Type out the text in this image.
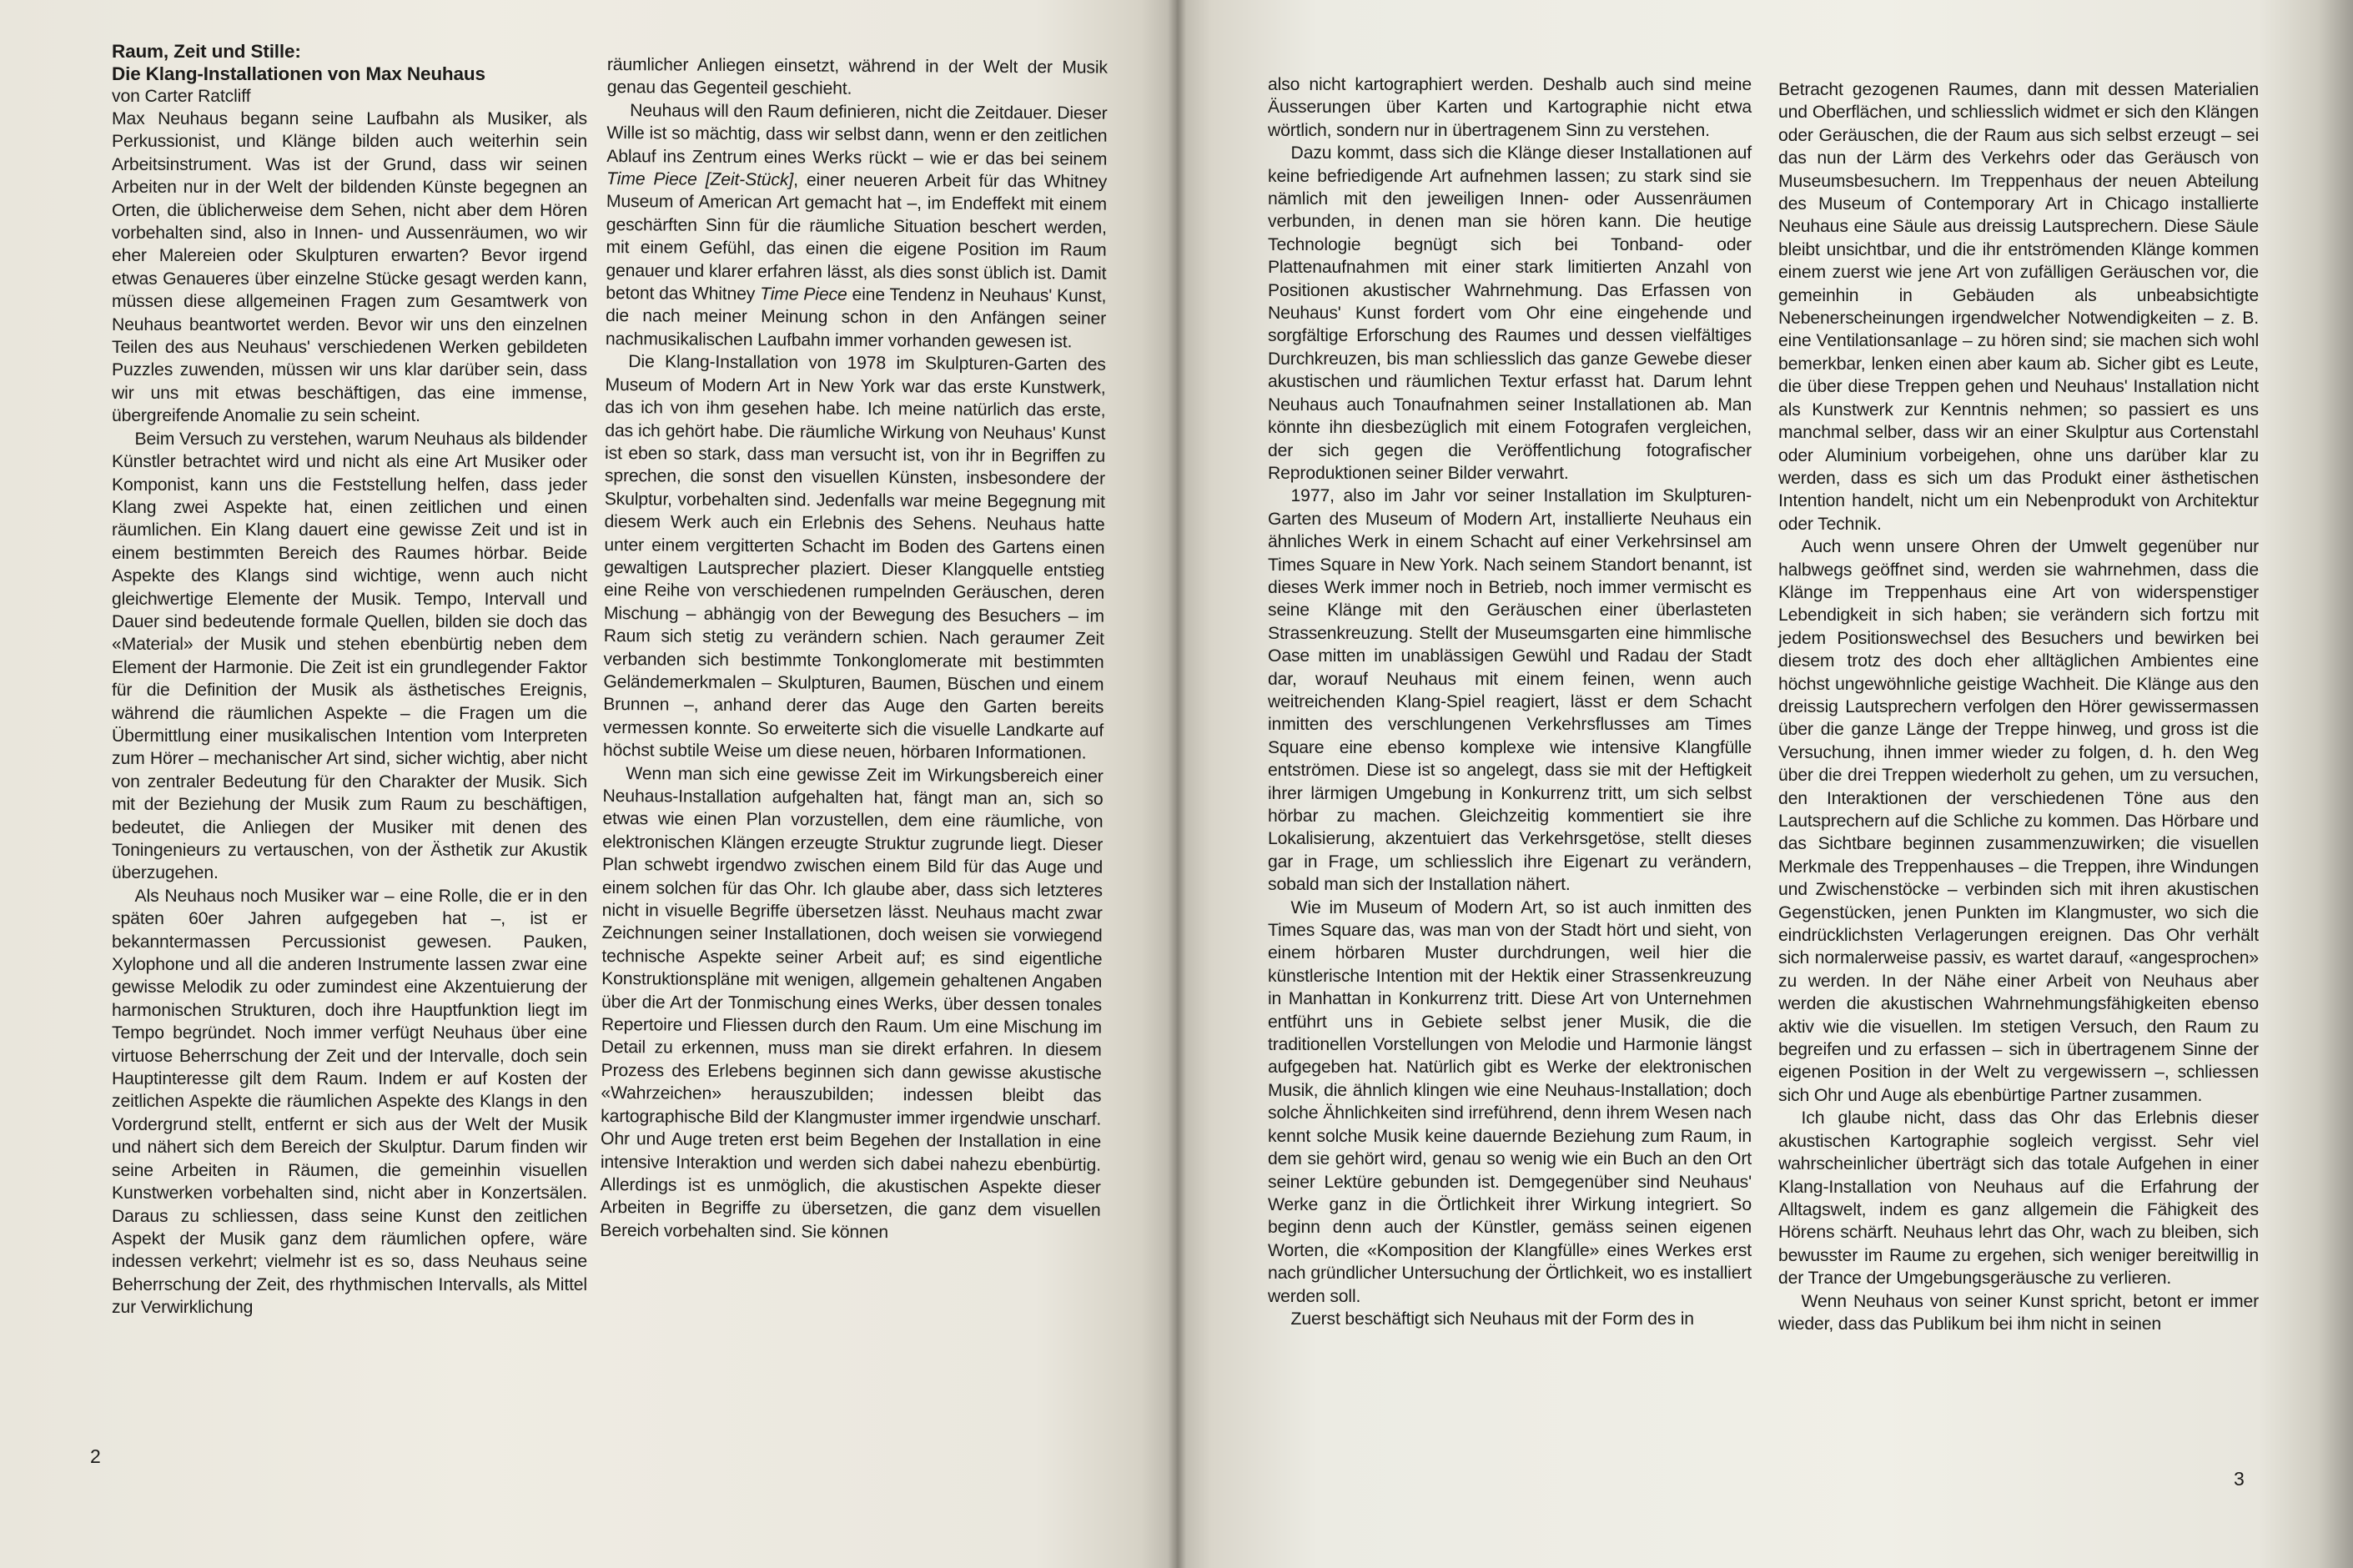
Raum, Zeit und Stille:

Die Klang-Installationen von Max Neuhaus

von Carter Ratcliff

Max Neuhaus begann seine Laufbahn als Musiker, als Perkussionist, und Klänge bilden auch weiterhin sein Arbeitsinstrument. Was ist der Grund, dass wir seinen Arbeiten nur in der Welt der bildenden Künste begegnen an Orten, die üblicherweise dem Sehen, nicht aber dem Hören vorbehalten sind, also in Innen- und Aussenräumen, wo wir eher Malereien oder Skulpturen erwarten? Bevor irgend etwas Genaueres über einzelne Stücke gesagt werden kann, müssen diese allgemeinen Fragen zum Gesamtwerk von Neuhaus beantwortet werden. Bevor wir uns den einzelnen Teilen des aus Neuhaus' verschiedenen Werken gebildeten Puzzles zuwenden, müssen wir uns klar darüber sein, dass wir uns mit etwas beschäftigen, das eine immense, übergreifende Anomalie zu sein scheint.

Beim Versuch zu verstehen, warum Neuhaus als bildender Künstler betrachtet wird und nicht als eine Art Musiker oder Komponist, kann uns die Feststellung helfen, dass jeder Klang zwei Aspekte hat, einen zeitlichen und einen räumlichen. Ein Klang dauert eine gewisse Zeit und ist in einem bestimmten Bereich des Raumes hörbar. Beide Aspekte des Klangs sind wichtige, wenn auch nicht gleichwertige Elemente der Musik. Tempo, Intervall und Dauer sind bedeutende formale Quellen, bilden sie doch das «Material» der Musik und stehen ebenbürtig neben dem Element der Harmonie. Die Zeit ist ein grundlegender Faktor für die Definition der Musik als ästhetisches Ereignis, während die räumlichen Aspekte – die Fragen um die Übermittlung einer musikalischen Intention vom Interpreten zum Hörer – mechanischer Art sind, sicher wichtig, aber nicht von zentraler Bedeutung für den Charakter der Musik. Sich mit der Beziehung der Musik zum Raum zu beschäftigen, bedeutet, die Anliegen der Musiker mit denen des Toningenieurs zu vertauschen, von der Ästhetik zur Akustik überzugehen.

Als Neuhaus noch Musiker war – eine Rolle, die er in den späten 60er Jahren aufgegeben hat –, ist er bekanntermassen Percussionist gewesen. Pauken, Xylophone und all die anderen Instrumente lassen zwar eine gewisse Melodik zu oder zumindest eine Akzentuierung der harmonischen Strukturen, doch ihre Hauptfunktion liegt im Tempo begründet. Noch immer verfügt Neuhaus über eine virtuose Beherrschung der Zeit und der Intervalle, doch sein Hauptinteresse gilt dem Raum. Indem er auf Kosten der zeitlichen Aspekte die räumlichen Aspekte des Klangs in den Vordergrund stellt, entfernt er sich aus der Welt der Musik und nähert sich dem Bereich der Skulptur. Darum finden wir seine Arbeiten in Räumen, die gemeinhin visuellen Kunstwerken vorbehalten sind, nicht aber in Konzertsälen. Daraus zu schliessen, dass seine Kunst den zeitlichen Aspekt der Musik ganz dem räumlichen opfere, wäre indessen verkehrt; vielmehr ist es so, dass Neuhaus seine Beherrschung der Zeit, des rhythmischen Intervalls, als Mittel zur Verwirklichung

räumlicher Anliegen einsetzt, während in der Welt der Musik genau das Gegenteil geschieht.

Neuhaus will den Raum definieren, nicht die Zeitdauer. Dieser Wille ist so mächtig, dass wir selbst dann, wenn er den zeitlichen Ablauf ins Zentrum eines Werks rückt – wie er das bei seinem Time Piece [Zeit-Stück], einer neueren Arbeit für das Whitney Museum of American Art gemacht hat –, im Endeffekt mit einem geschärften Sinn für die räumliche Situation beschert werden, mit einem Gefühl, das einen die eigene Position im Raum genauer und klarer erfahren lässt, als dies sonst üblich ist. Damit betont das Whitney Time Piece eine Tendenz in Neuhaus' Kunst, die nach meiner Meinung schon in den Anfängen seiner nachmusikalischen Laufbahn immer vorhanden gewesen ist.

Die Klang-Installation von 1978 im Skulpturen-Garten des Museum of Modern Art in New York war das erste Kunstwerk, das ich von ihm gesehen habe. Ich meine natürlich das erste, das ich gehört habe. Die räumliche Wirkung von Neuhaus' Kunst ist eben so stark, dass man versucht ist, von ihr in Begriffen zu sprechen, die sonst den visuellen Künsten, insbesondere der Skulptur, vorbehalten sind. Jedenfalls war meine Begegnung mit diesem Werk auch ein Erlebnis des Sehens. Neuhaus hatte unter einem vergitterten Schacht im Boden des Gartens einen gewaltigen Lautsprecher plaziert. Dieser Klangquelle entstieg eine Reihe von verschiedenen rumpelnden Geräuschen, deren Mischung – abhängig von der Bewegung des Besuchers – im Raum sich stetig zu verändern schien. Nach geraumer Zeit verbanden sich bestimmte Tonkonglomerate mit bestimmten Geländemerkmalen – Skulpturen, Baumen, Büschen und einem Brunnen –, anhand derer das Auge den Garten bereits vermessen konnte. So erweiterte sich die visuelle Landkarte auf höchst subtile Weise um diese neuen, hörbaren Informationen.

Wenn man sich eine gewisse Zeit im Wirkungsbereich einer Neuhaus-Installation aufgehalten hat, fängt man an, sich so etwas wie einen Plan vorzustellen, dem eine räumliche, von elektronischen Klängen erzeugte Struktur zugrunde liegt. Dieser Plan schwebt irgendwo zwischen einem Bild für das Auge und einem solchen für das Ohr. Ich glaube aber, dass sich letzteres nicht in visuelle Begriffe übersetzen lässt. Neuhaus macht zwar Zeichnungen seiner Installationen, doch weisen sie vorwiegend technische Aspekte seiner Arbeit auf; es sind eigentliche Konstruktionspläne mit wenigen, allgemein gehaltenen Angaben über die Art der Tonmischung eines Werks, über dessen tonales Repertoire und Fliessen durch den Raum. Um eine Mischung im Detail zu erkennen, muss man sie direkt erfahren. In diesem Prozess des Erlebens beginnen sich dann gewisse akustische «Wahrzeichen» herauszubilden; indessen bleibt das kartographische Bild der Klangmuster immer irgendwie unscharf. Ohr und Auge treten erst beim Begehen der Installation in eine intensive Interaktion und werden sich dabei nahezu ebenbürtig. Allerdings ist es unmöglich, die akustischen Aspekte dieser Arbeiten in Begriffe zu übersetzen, die ganz dem visuellen Bereich vorbehalten sind. Sie können

2

also nicht kartographiert werden. Deshalb auch sind meine Äusserungen über Karten und Kartographie nicht etwa wörtlich, sondern nur in übertragenem Sinn zu verstehen.

Dazu kommt, dass sich die Klänge dieser Installationen auf keine befriedigende Art aufnehmen lassen; zu stark sind sie nämlich mit den jeweiligen Innen- oder Aussenräumen verbunden, in denen man sie hören kann. Die heutige Technologie begnügt sich bei Tonband- oder Plattenaufnahmen mit einer stark limitierten Anzahl von Positionen akustischer Wahrnehmung. Das Erfassen von Neuhaus' Kunst fordert vom Ohr eine eingehende und sorgfältige Erforschung des Raumes und dessen vielfältiges Durchkreuzen, bis man schliesslich das ganze Gewebe dieser akustischen und räumlichen Textur erfasst hat. Darum lehnt Neuhaus auch Tonaufnahmen seiner Installationen ab. Man könnte ihn diesbezüglich mit einem Fotografen vergleichen, der sich gegen die Veröffentlichung fotografischer Reproduktionen seiner Bilder verwahrt.

1977, also im Jahr vor seiner Installation im Skulpturen-Garten des Museum of Modern Art, installierte Neuhaus ein ähnliches Werk in einem Schacht auf einer Verkehrsinsel am Times Square in New York. Nach seinem Standort benannt, ist dieses Werk immer noch in Betrieb, noch immer vermischt es seine Klänge mit den Geräuschen einer überlasteten Strassenkreuzung. Stellt der Museumsgarten eine himmlische Oase mitten im unablässigen Gewühl und Radau der Stadt dar, worauf Neuhaus mit einem feinen, wenn auch weitreichenden Klang-Spiel reagiert, lässt er dem Schacht inmitten des verschlungenen Verkehrsflusses am Times Square eine ebenso komplexe wie intensive Klangfülle entströmen. Diese ist so angelegt, dass sie mit der Heftigkeit ihrer lärmigen Umgebung in Konkurrenz tritt, um sich selbst hörbar zu machen. Gleichzeitig kommentiert sie ihre Lokalisierung, akzentuiert das Verkehrsgetöse, stellt dieses gar in Frage, um schliesslich ihre Eigenart zu verändern, sobald man sich der Installation nähert.

Wie im Museum of Modern Art, so ist auch inmitten des Times Square das, was man von der Stadt hört und sieht, von einem hörbaren Muster durchdrungen, weil hier die künstlerische Intention mit der Hektik einer Strassenkreuzung in Manhattan in Konkurrenz tritt. Diese Art von Unternehmen entführt uns in Gebiete selbst jener Musik, die die traditionellen Vorstellungen von Melodie und Harmonie längst aufgegeben hat. Natürlich gibt es Werke der elektronischen Musik, die ähnlich klingen wie eine Neuhaus-Installation; doch solche Ähnlichkeiten sind irreführend, denn ihrem Wesen nach kennt solche Musik keine dauernde Beziehung zum Raum, in dem sie gehört wird, genau so wenig wie ein Buch an den Ort seiner Lektüre gebunden ist. Demgegenüber sind Neuhaus' Werke ganz in die Örtlichkeit ihrer Wirkung integriert. So beginn denn auch der Künstler, gemäss seinen eigenen Worten, die «Komposition der Klangfülle» eines Werkes erst nach gründlicher Untersuchung der Örtlichkeit, wo es installiert werden soll.

Zuerst beschäftigt sich Neuhaus mit der Form des in

Betracht gezogenen Raumes, dann mit dessen Materialien und Oberflächen, und schliesslich widmet er sich den Klängen oder Geräuschen, die der Raum aus sich selbst erzeugt – sei das nun der Lärm des Verkehrs oder das Geräusch von Museumsbesuchern. Im Treppenhaus der neuen Abteilung des Museum of Contemporary Art in Chicago installierte Neuhaus eine Säule aus dreissig Lautsprechern. Diese Säule bleibt unsichtbar, und die ihr entströmenden Klänge kommen einem zuerst wie jene Art von zufälligen Geräuschen vor, die gemeinhin in Gebäuden als unbeabsichtigte Nebenerscheinungen irgendwelcher Notwendigkeiten – z. B. eine Ventilationsanlage – zu hören sind; sie machen sich wohl bemerkbar, lenken einen aber kaum ab. Sicher gibt es Leute, die über diese Treppen gehen und Neuhaus' Installation nicht als Kunstwerk zur Kenntnis nehmen; so passiert es uns manchmal selber, dass wir an einer Skulptur aus Cortenstahl oder Aluminium vorbeigehen, ohne uns darüber klar zu werden, dass es sich um das Produkt einer ästhetischen Intention handelt, nicht um ein Nebenprodukt von Architektur oder Technik.

Auch wenn unsere Ohren der Umwelt gegenüber nur halbwegs geöffnet sind, werden sie wahrnehmen, dass die Klänge im Treppenhaus eine Art von widerspenstiger Lebendigkeit in sich haben; sie verändern sich fortzu mit jedem Positionswechsel des Besuchers und bewirken bei diesem trotz des doch eher alltäglichen Ambientes eine höchst ungewöhnliche geistige Wachheit. Die Klänge aus den dreissig Lautsprechern verfolgen den Hörer gewissermassen über die ganze Länge der Treppe hinweg, und gross ist die Versuchung, ihnen immer wieder zu folgen, d. h. den Weg über die drei Treppen wiederholt zu gehen, um zu versuchen, den Interaktionen der verschiedenen Töne aus den Lautsprechern auf die Schliche zu kommen. Das Hörbare und das Sichtbare beginnen zusammenzuwirken; die visuellen Merkmale des Treppenhauses – die Treppen, ihre Windungen und Zwischenstöcke – verbinden sich mit ihren akustischen Gegenstücken, jenen Punkten im Klangmuster, wo sich die eindrücklichsten Verlagerungen ereignen. Das Ohr verhält sich normalerweise passiv, es wartet darauf, «angesprochen» zu werden. In der Nähe einer Arbeit von Neuhaus aber werden die akustischen Wahrnehmungsfähigkeiten ebenso aktiv wie die visuellen. Im stetigen Versuch, den Raum zu begreifen und zu erfassen – sich in übertragenem Sinne der eigenen Position in der Welt zu vergewissern –, schliessen sich Ohr und Auge als ebenbürtige Partner zusammen.

Ich glaube nicht, dass das Ohr das Erlebnis dieser akustischen Kartographie sogleich vergisst. Sehr viel wahrscheinlicher überträgt sich das totale Aufgehen in einer Klang-Installation von Neuhaus auf die Erfahrung der Alltagswelt, indem es ganz allgemein die Fähigkeit des Hörens schärft. Neuhaus lehrt das Ohr, wach zu bleiben, sich bewusster im Raume zu ergehen, sich weniger bereitwillig in der Trance der Umgebungsgeräusche zu verlieren.

Wenn Neuhaus von seiner Kunst spricht, betont er immer wieder, dass das Publikum bei ihm nicht in seinen

3
